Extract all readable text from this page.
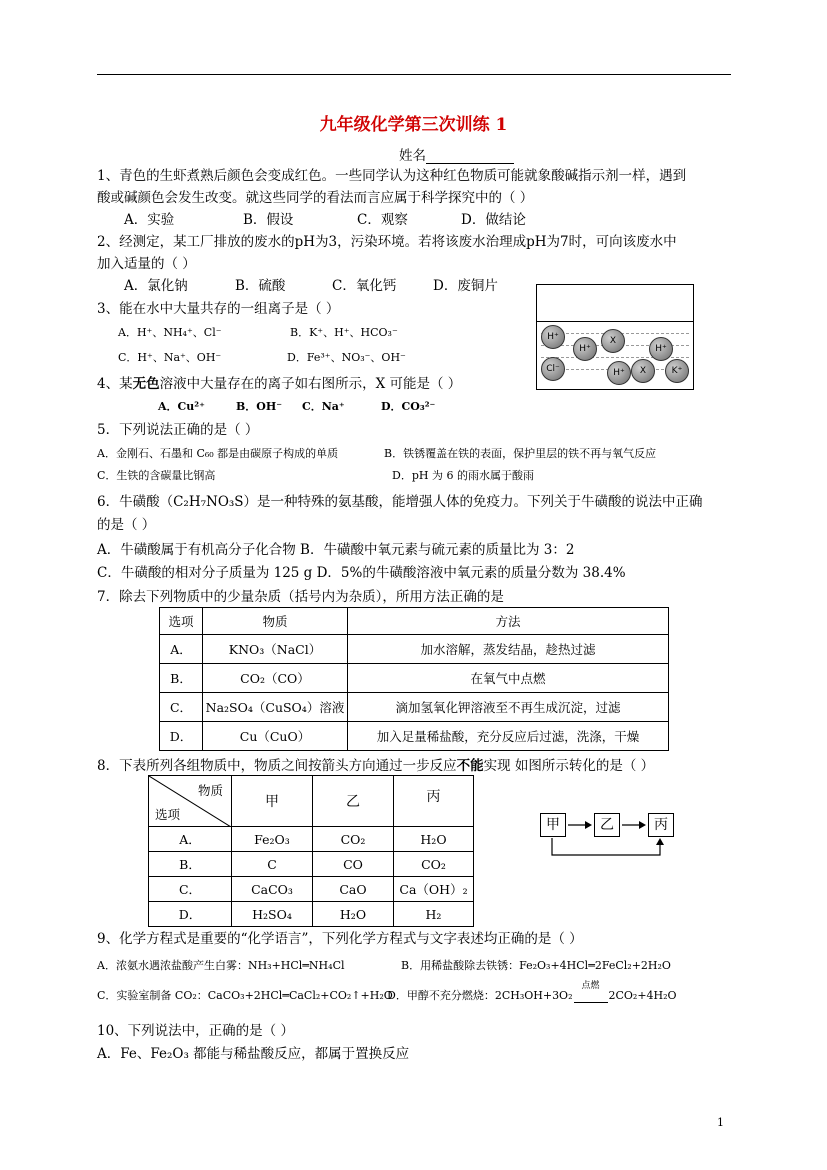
九年级化学第三次训练 1
姓名
1、青色的生虾煮熟后颜色会变成红色。一些同学认为这种红色物质可能就象酸碱指示剂一样，遇到
酸或碱颜色会发生改变。就这些同学的看法而言应属于科学探究中的（ ）
A．实验	B．假设	C．观察	D．做结论
2、经测定，某工厂排放的废水的pH为3，污染环境。若将该废水治理成pH为7时，可向该废水中
加入适量的（ ）
A．氯化钠	B．硫酸	C．氧化钙	D．废铜片
3、能在水中大量共存的一组离子是（ ）
A．H⁺、NH₄⁺、Cl⁻	B．K⁺、H⁺、HCO₃⁻
C．H⁺、Na⁺、OH⁻	D．Fe³⁺、NO₃⁻、OH⁻
H⁺
H⁺
X
H⁺
Cl⁻	H⁺	X	K⁺
4、某无色溶液中大量存在的离子如右图所示，X 可能是（ ）
A．Cu²⁺	B．OH⁻ C．Na⁺	D．CO₃²⁻
5．下列说法正确的是（ ）
A．金刚石、石墨和 C₆₀ 都是由碳原子构成的单质	B．铁锈覆盖在铁的表面，保护里层的铁不再与氧气反应
C．生铁的含碳量比钢高	D．pH 为 6 的雨水属于酸雨
6．牛磺酸（C₂H₇NO₃S）是一种特殊的氨基酸，能增强人体的免疫力。下列关于牛磺酸的说法中正确
的是（ ）
A．牛磺酸属于有机高分子化合物 B．牛磺酸中氧元素与硫元素的质量比为 3：2
C．牛磺酸的相对分子质量为 125 g D．5%的牛磺酸溶液中氧元素的质量分数为 38.4%
7．除去下列物质中的少量杂质（括号内为杂质），所用方法正确的是
选项	物质	方法
A．	KNO₃（NaCl）	加水溶解，蒸发结晶，趁热过滤
B．	CO₂（CO）	在氧气中点燃
C．	Na₂SO₄（CuSO₄）溶液	滴加氢氧化钾溶液至不再生成沉淀，过滤
D．	Cu（CuO）	加入足量稀盐酸，充分反应后过滤，洗涤，干燥
8．下表所列各组物质中，物质之间按箭头方向通过一步反应不能实现 如图所示转化的是（ ）
物质
选项	甲	乙	丙
A．	Fe₂O₃	CO₂	H₂O
B．	C	CO	CO₂
C．	CaCO₃	CaO	Ca（OH）₂
D．	H₂SO₄	H₂O	H₂
甲	乙	丙
9、化学方程式是重要的“化学语言”，下列化学方程式与文字表述均正确的是（ ）
A．浓氨水遇浓盐酸产生白雾：NH₃+HCl═NH₄Cl	B．用稀盐酸除去铁锈：Fe₂O₃+4HCl═2FeCl₂+2H₂O
C．实验室制备 CO₂：CaCO₃+2HCl═CaCl₂+CO₂↑+H₂O
D．甲醇不充分燃烧：2CH₃OH+3O₂
点燃
2CO₂+4H₂O
10、下列说法中，正确的是（ ）
A．Fe、Fe₂O₃ 都能与稀盐酸反应，都属于置换反应
1
